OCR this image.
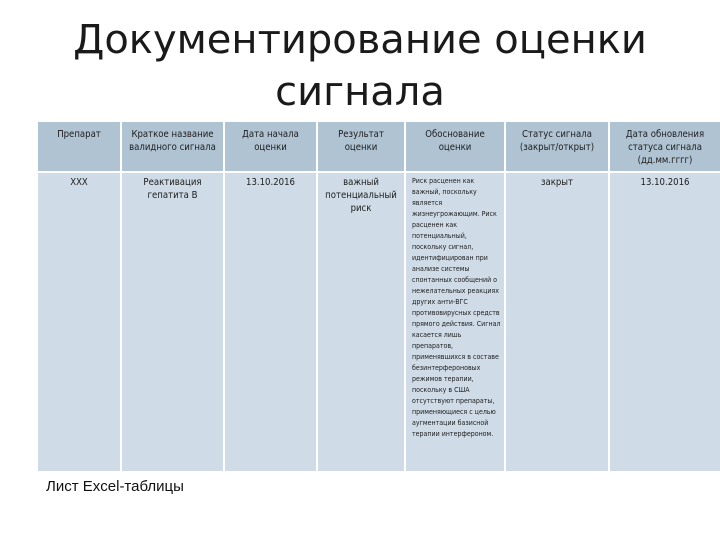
Документирование оценки сигнала
Препарат	Краткое название валидного сигнала	Дата начала оценки	Результат оценки	Обоснование оценки	Статус сигнала (закрыт/открыт)	Дата обновления статуса сигнала (дд.мм.гггг)
ХХХ	Реактивация гепатита В	13.10.2016	важный потенциальный риск	Риск расценен как важный, поскольку является жизнеугрожающим. Риск расценен как потенциальный, поскольку сигнал, идентифицирован при анализе системы спонтанных сообщений о нежелательных реакциях других анти-ВГС противовирусных средств прямого действия. Сигнал касается лишь препаратов, применявшихся в составе безинтерфероновых режимов терапии, поскольку в США отсутствуют препараты, применяющиеся с целью аугментации базисной терапии интерфероном.	закрыт	13.10.2016
Лист Excel-таблицы
